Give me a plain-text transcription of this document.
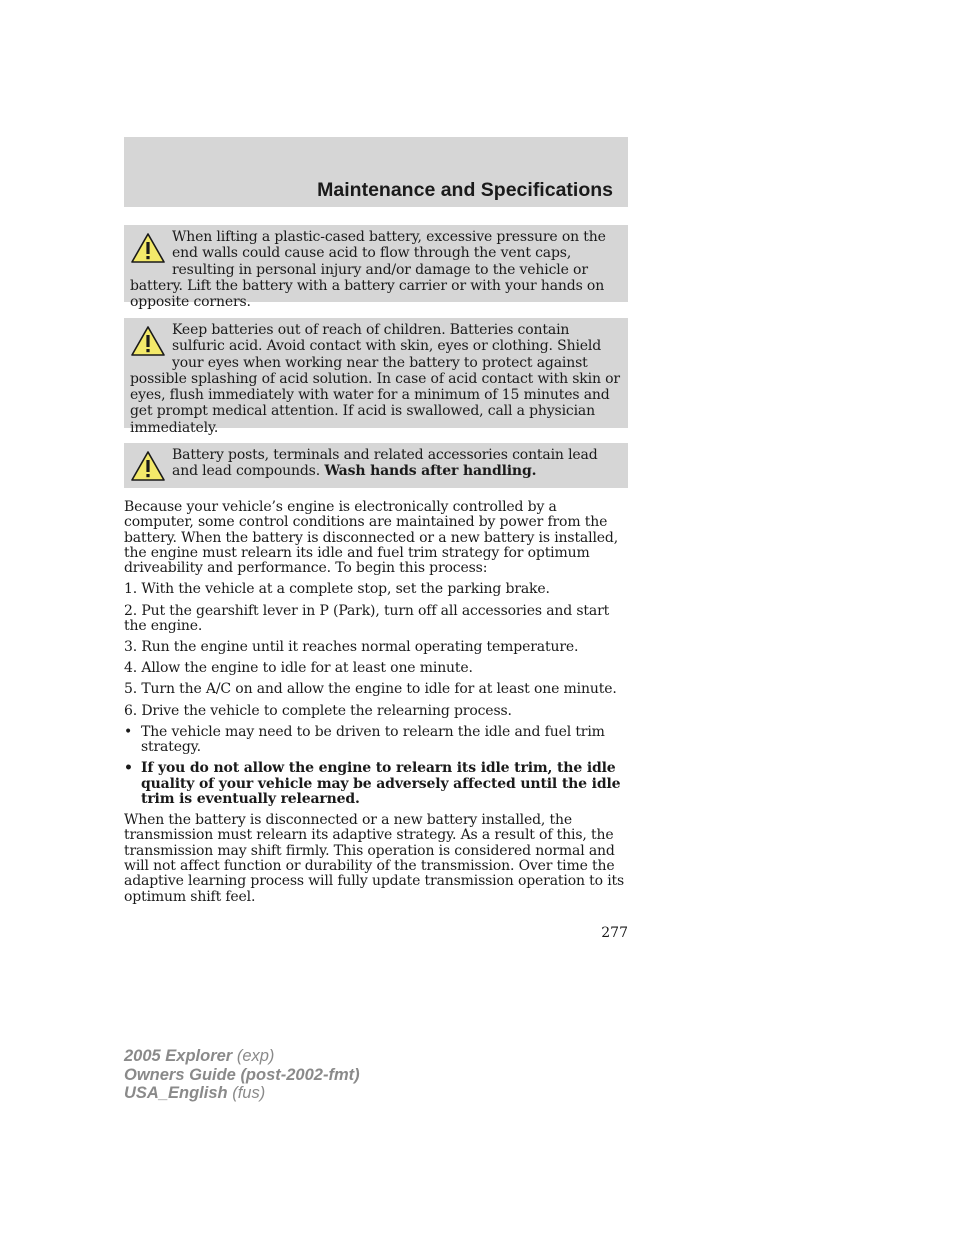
Maintenance and Specifications

When lifting a plastic-cased battery, excessive pressure on the end walls could cause acid to flow through the vent caps, resulting in personal injury and/or damage to the vehicle or battery. Lift the battery with a battery carrier or with your hands on opposite corners.

Keep batteries out of reach of children. Batteries contain sulfuric acid. Avoid contact with skin, eyes or clothing. Shield your eyes when working near the battery to protect against possible splashing of acid solution. In case of acid contact with skin or eyes, flush immediately with water for a minimum of 15 minutes and get prompt medical attention. If acid is swallowed, call a physician immediately.

Battery posts, terminals and related accessories contain lead and lead compounds. Wash hands after handling.

Because your vehicle’s engine is electronically controlled by a computer, some control conditions are maintained by power from the battery. When the battery is disconnected or a new battery is installed, the engine must relearn its idle and fuel trim strategy for optimum driveability and performance. To begin this process:

1. With the vehicle at a complete stop, set the parking brake.

2. Put the gearshift lever in P (Park), turn off all accessories and start the engine.

3. Run the engine until it reaches normal operating temperature.

4. Allow the engine to idle for at least one minute.

5. Turn the A/C on and allow the engine to idle for at least one minute.

6. Drive the vehicle to complete the relearning process.

• The vehicle may need to be driven to relearn the idle and fuel trim strategy.
• If you do not allow the engine to relearn its idle trim, the idle quality of your vehicle may be adversely affected until the idle trim is eventually relearned.

When the battery is disconnected or a new battery installed, the transmission must relearn its adaptive strategy. As a result of this, the transmission may shift firmly. This operation is considered normal and will not affect function or durability of the transmission. Over time the adaptive learning process will fully update transmission operation to its optimum shift feel.

277
2005 Explorer (exp)
Owners Guide (post-2002-fmt)
USA_English (fus)
